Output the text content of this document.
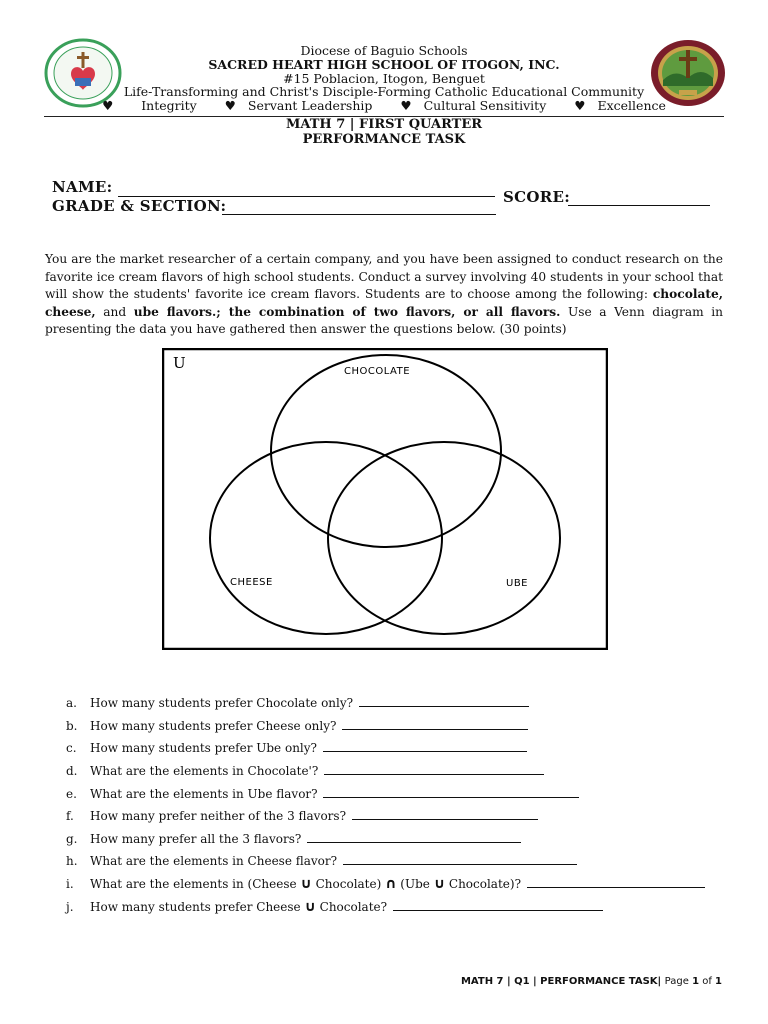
Diocese of Baguio Schools
SACRED HEART HIGH SCHOOL OF ITOGON, INC.
#15 Poblacion, Itogon, Benguet
Life-Transforming and Christ's Disciple-Forming Catholic Educational Community
♥ Integrity ♥ Servant Leadership ♥ Cultural Sensitivity ♥ Excellence
MATH 7 | FIRST QUARTER
PERFORMANCE TASK
NAME:
SCORE:
GRADE & SECTION:
You are the market researcher of a certain company, and you have been assigned to conduct research on the favorite ice cream flavors of high school students. Conduct a survey involving 40 students in your school that will show the students' favorite ice cream flavors. Students are to choose among the following: chocolate, cheese, and ube flavors.; the combination of two flavors, or all flavors. Use a Venn diagram in presenting the data you have gathered then answer the questions below. (30 points)
U	CHOCOLATE
CHEESE	UBE
a. How many students prefer Chocolate only?
b. How many students prefer Cheese only?
c. How many students prefer Ube only?
d. What are the elements in Chocolate'?
e. What are the elements in Ube flavor?
f. How many prefer neither of the 3 flavors?
g. How many prefer all the 3 flavors?
h. What are the elements in Cheese flavor?
i. What are the elements in (Cheese ∪ Chocolate) ∩ (Ube ∪ Chocolate)?
j. How many students prefer Cheese ∪ Chocolate?
MATH 7 | Q1 | PERFORMANCE TASK| Page 1 of 1
